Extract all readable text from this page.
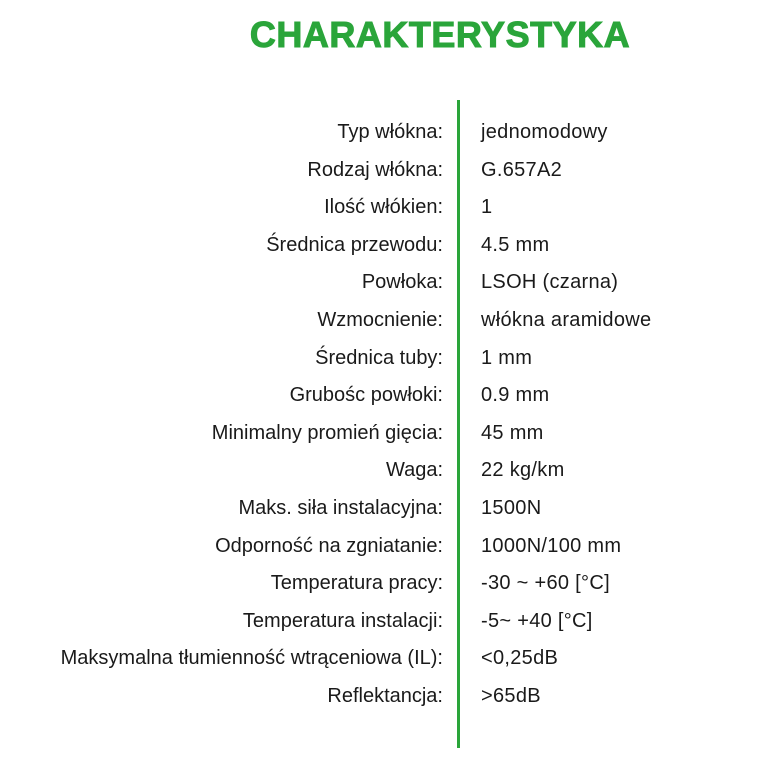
CHARAKTERYSTYKA
Typ włókna: jednomodowy
Rodzaj włókna: G.657A2
Ilość włókien: 1
Średnica przewodu: 4.5 mm
Powłoka: LSOH (czarna)
Wzmocnienie: włókna aramidowe
Średnica tuby: 1 mm
Grubośc powłoki: 0.9 mm
Minimalny promień gięcia: 45 mm
Waga: 22 kg/km
Maks. siła instalacyjna: 1500N
Odporność na zgniatanie: 1000N/100 mm
Temperatura pracy: -30 ~ +60 [°C]
Temperatura instalacji: -5~ +40 [°C]
Maksymalna tłumienność wtrąceniowa (IL): <0,25dB
Reflektancja: >65dB
